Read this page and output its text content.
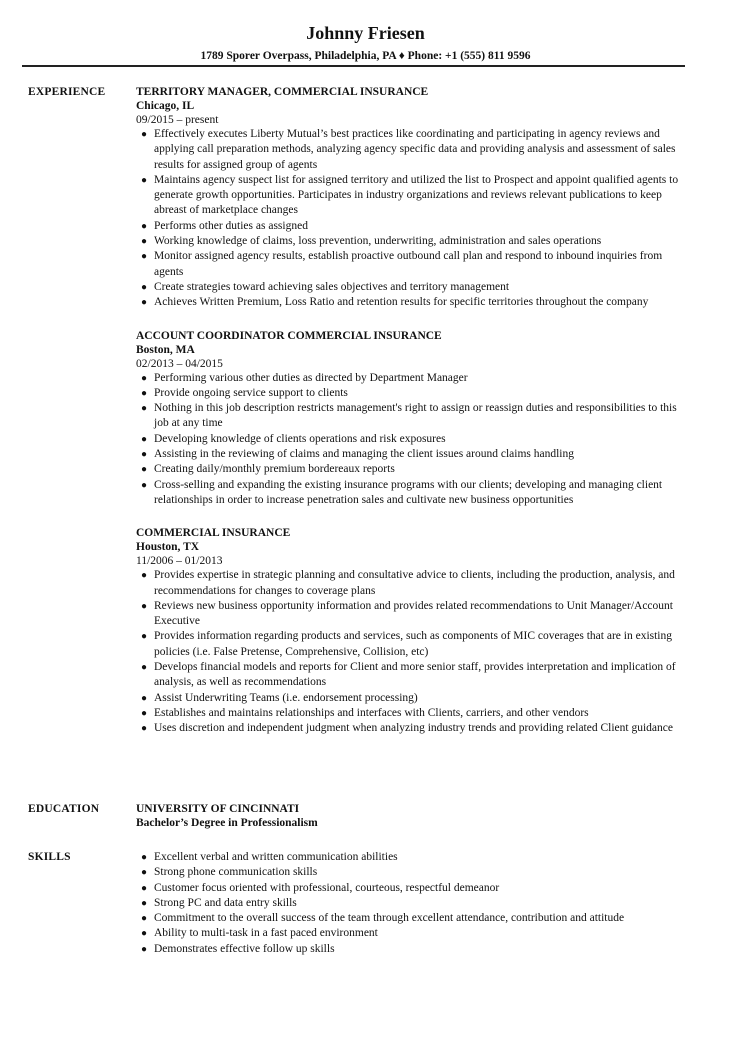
Johnny Friesen
1789 Sporer Overpass, Philadelphia, PA ♦ Phone: +1 (555) 811 9596
EXPERIENCE	TERRITORY MANAGER, COMMERCIAL INSURANCE
Chicago, IL
09/2015 – present
● Effectively executes Liberty Mutual’s best practices like coordinating and participating in agency reviews and applying call preparation methods, analyzing agency specific data and providing analysis and assessment of sales results for assigned group of agents
● Maintains agency suspect list for assigned territory and utilized the list to Prospect and appoint qualified agents to generate growth opportunities. Participates in industry organizations and reviews relevant publications to keep abreast of marketplace changes
● Performs other duties as assigned
● Working knowledge of claims, loss prevention, underwriting, administration and sales operations
● Monitor assigned agency results, establish proactive outbound call plan and respond to inbound inquiries from agents
● Create strategies toward achieving sales objectives and territory management
● Achieves Written Premium, Loss Ratio and retention results for specific territories throughout the company
ACCOUNT COORDINATOR COMMERCIAL INSURANCE
Boston, MA
02/2013 – 04/2015
● Performing various other duties as directed by Department Manager
● Provide ongoing service support to clients
● Nothing in this job description restricts management's right to assign or reassign duties and responsibilities to this job at any time
● Developing knowledge of clients operations and risk exposures
● Assisting in the reviewing of claims and managing the client issues around claims handling
● Creating daily/monthly premium bordereaux reports
● Cross-selling and expanding the existing insurance programs with our clients; developing and managing client relationships in order to increase penetration sales and cultivate new business opportunities
COMMERCIAL INSURANCE
Houston, TX
11/2006 – 01/2013
● Provides expertise in strategic planning and consultative advice to clients, including the production, analysis, and recommendations for changes to coverage plans
● Reviews new business opportunity information and provides related recommendations to Unit Manager/Account Executive
● Provides information regarding products and services, such as components of MIC coverages that are in existing policies (i.e. False Pretense, Comprehensive, Collision, etc)
● Develops financial models and reports for Client and more senior staff, provides interpretation and implication of analysis, as well as recommendations
● Assist Underwriting Teams (i.e. endorsement processing)
● Establishes and maintains relationships and interfaces with Clients, carriers, and other vendors
● Uses discretion and independent judgment when analyzing industry trends and providing related Client guidance
EDUCATION	UNIVERSITY OF CINCINNATI
Bachelor’s Degree in Professionalism
SKILLS	● Excellent verbal and written communication abilities
● Strong phone communication skills
● Customer focus oriented with professional, courteous, respectful demeanor
● Strong PC and data entry skills
● Commitment to the overall success of the team through excellent attendance, contribution and attitude
● Ability to multi-task in a fast paced environment
● Demonstrates effective follow up skills
